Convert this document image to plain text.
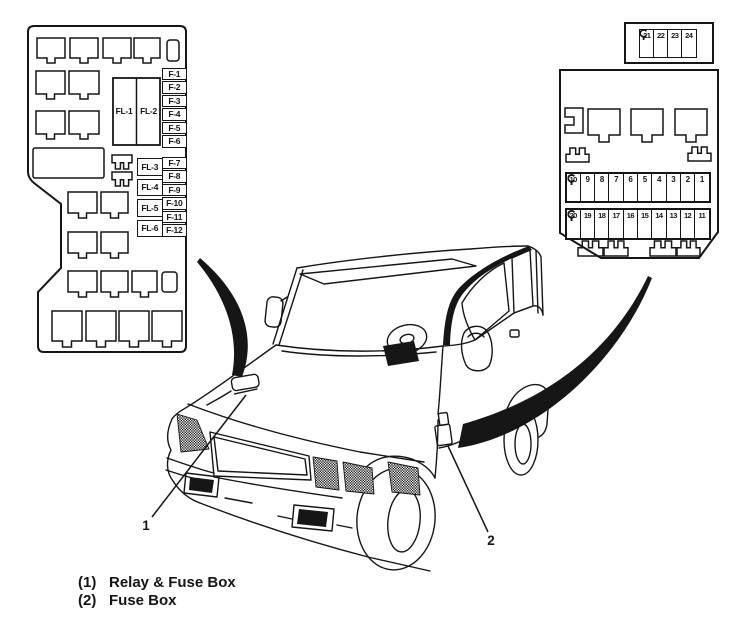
F-1
F-2
F-3
F-4
F-5
F-6
F-7
F-8
F-9
F-10
F-11
F-12
FL-1 FL-2
FL-3
FL-4
FL-5
FL-6
10 9 8 7 6 5 4 3 2 1
20 19 18 17 16 15 14 13 12 11
21 22 23 24
1
2
(1) Relay & Fuse Box
(2) Fuse Box
